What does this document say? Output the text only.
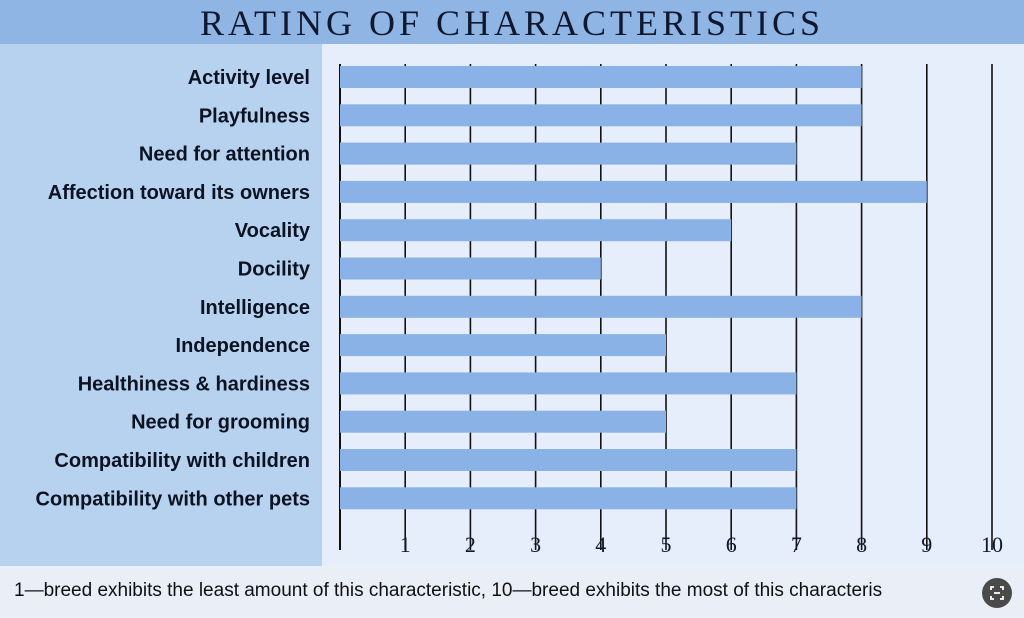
RATING OF CHARACTERISTICS
Activity level
Playfulness
Need for attention
Affection toward its owners
Vocality
Docility
Intelligence
Independence
Healthiness & hardiness
Need for grooming
Compatibility with children
Compatibility with other pets
1 2 3 4 5 6 7 8 9 10
1—breed exhibits the least amount of this characteristic, 10—breed exhibits the most of this characteris
